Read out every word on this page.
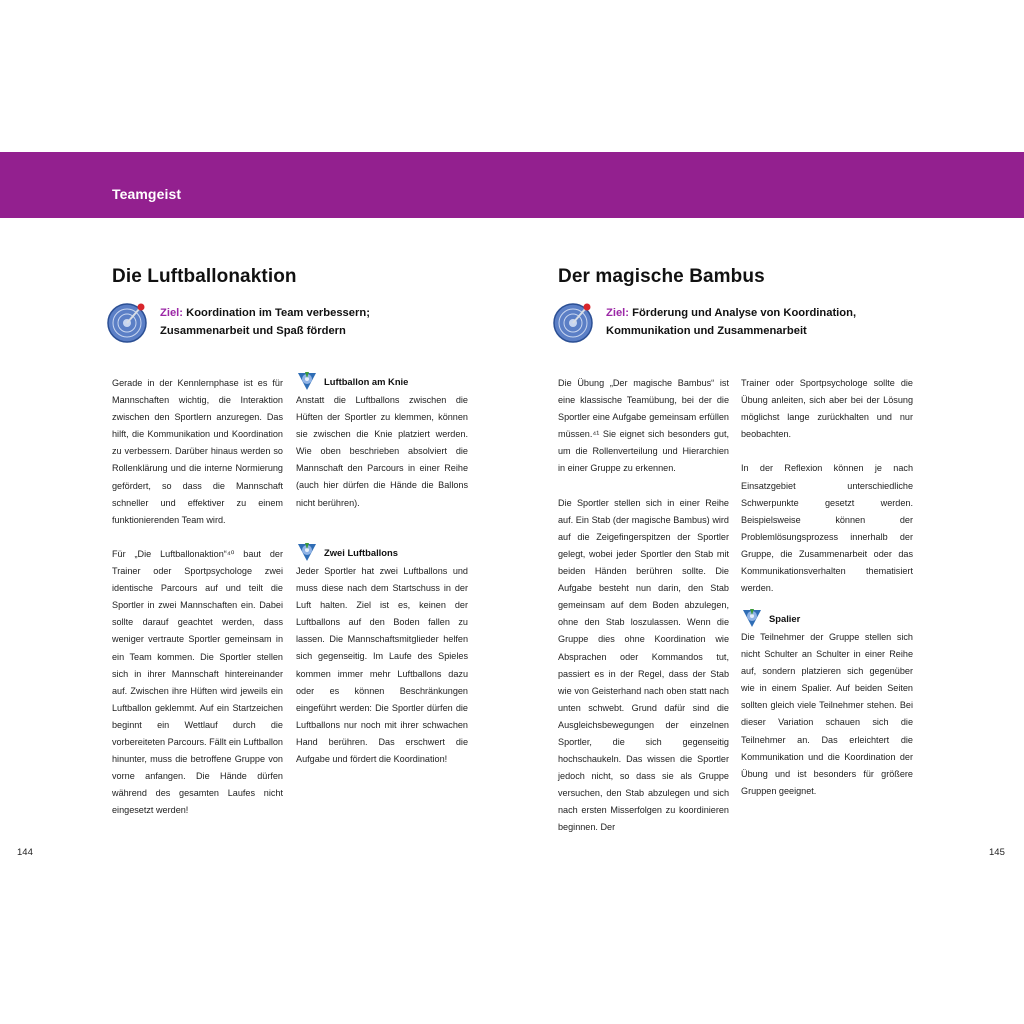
Teamgeist
Die Luftballonaktion
Ziel: Koordination im Team verbessern;
Zusammenarbeit und Spaß fördern

Gerade in der Kennlernphase ist es für Mannschaften wichtig, die Interaktion zwischen den Sportlern anzuregen. Das hilft, die Kommunikation und Koordination zu verbessern. Darüber hinaus werden so Rollenklärung und die interne Normierung gefördert, so dass die Mannschaft schneller und effektiver zu einem funktionierenden Team wird.

Für „Die Luftballonaktion“⁴⁰ baut der Trainer oder Sportpsychologe zwei identische Parcours auf und teilt die Sportler in zwei Mannschaften ein. Dabei sollte darauf geachtet werden, dass weniger vertraute Sportler gemeinsam in ein Team kommen. Die Sportler stellen sich in ihrer Mannschaft hintereinander auf. Zwischen ihre Hüften wird jeweils ein Luftballon geklemmt. Auf ein Startzeichen beginnt ein Wettlauf durch die vorbereiteten Parcours. Fällt ein Luftballon hinunter, muss die betroffene Gruppe von vorne anfangen. Die Hände dürfen während des gesamten Laufes nicht eingesetzt werden!

Luftballon am Knie

Anstatt die Luftballons zwischen die Hüften der Sportler zu klemmen, können sie zwischen die Knie platziert werden. Wie oben beschrieben absolviert die Mannschaft den Parcours in einer Reihe (auch hier dürfen die Hände die Ballons nicht berühren).

Zwei Luftballons

Jeder Sportler hat zwei Luftballons und muss diese nach dem Startschuss in der Luft halten. Ziel ist es, keinen der Luftballons auf den Boden fallen zu lassen. Die Mannschaftsmitglieder helfen sich gegenseitig. Im Laufe des Spieles kommen immer mehr Luftballons dazu oder es können Beschränkungen eingeführt werden: Die Sportler dürfen die Luftballons nur noch mit ihrer schwachen Hand berühren. Das erschwert die Aufgabe und fördert die Koordination!

144
Der magische Bambus
Ziel: Förderung und Analyse von Koordination,
Kommunikation und Zusammenarbeit

Die Übung „Der magische Bambus“ ist eine klassische Teamübung, bei der die Sportler eine Aufgabe gemeinsam erfüllen müssen.⁴¹ Sie eignet sich besonders gut, um die Rollenverteilung und Hierarchien in einer Gruppe zu erkennen.

Die Sportler stellen sich in einer Reihe auf. Ein Stab (der magische Bambus) wird auf die Zeigefingerspitzen der Sportler gelegt, wobei jeder Sportler den Stab mit beiden Händen berühren sollte. Die Aufgabe besteht nun darin, den Stab gemeinsam auf dem Boden abzulegen, ohne den Stab loszulassen. Wenn die Gruppe dies ohne Koordination wie Absprachen oder Kommandos tut, passiert es in der Regel, dass der Stab wie von Geisterhand nach oben statt nach unten schwebt. Grund dafür sind die Ausgleichsbewegungen der einzelnen Sportler, die sich gegenseitig hochschaukeln. Das wissen die Sportler jedoch nicht, so dass sie als Gruppe versuchen, den Stab abzulegen und sich nach ersten Misserfolgen zu koordinieren beginnen. Der

Trainer oder Sportpsychologe sollte die Übung anleiten, sich aber bei der Lösung möglichst lange zurückhalten und nur beobachten.

In der Reflexion können je nach Einsatzgebiet unterschiedliche Schwerpunkte gesetzt werden. Beispielsweise können der Problemlösungsprozess innerhalb der Gruppe, die Zusammenarbeit oder das Kommunikationsverhalten thematisiert werden.

Spalier

Die Teilnehmer der Gruppe stellen sich nicht Schulter an Schulter in einer Reihe auf, sondern platzieren sich gegenüber wie in einem Spalier. Auf beiden Seiten sollten gleich viele Teilnehmer stehen. Bei dieser Variation schauen sich die Teilnehmer an. Das erleichtert die Kommunikation und die Koordination der Übung und ist besonders für größere Gruppen geeignet.

145
